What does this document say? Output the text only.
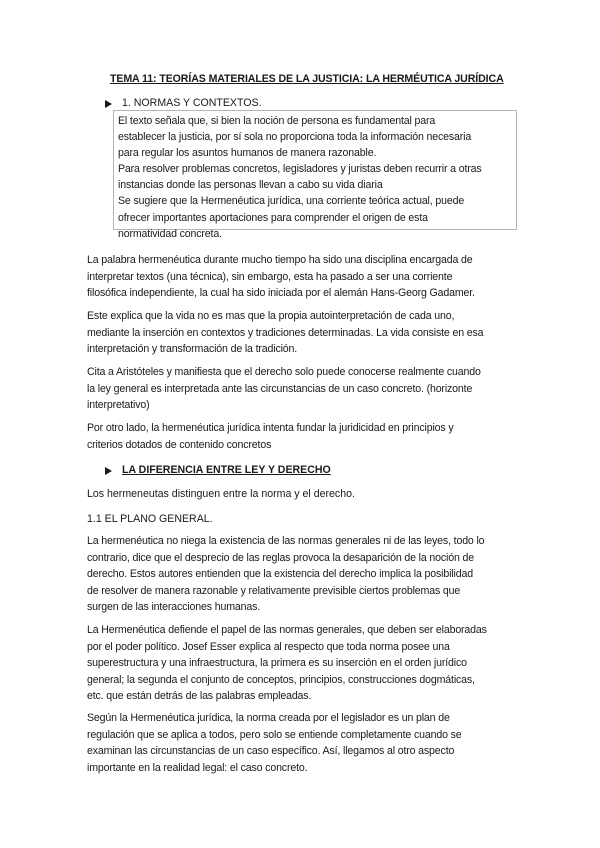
TEMA 11: TEORÍAS MATERIALES DE LA JUSTICIA: LA HERMÉUTICA JURÍDICA
1. NORMAS Y CONTEXTOS.

El texto señala que, si bien la noción de persona es fundamental para

establecer la justicia, por sí sola no proporciona toda la información necesaria

para regular los asuntos humanos de manera razonable.

Para resolver problemas concretos, legisladores y juristas deben recurrir a otras

instancias donde las personas llevan a cabo su vida diaria

Se sugiere que la Hermenéutica jurídica, una corriente teórica actual, puede

ofrecer importantes aportaciones para comprender el origen de esta

normatividad concreta.

La palabra hermenéutica durante mucho tiempo ha sido una disciplina encargada de
interpretar textos (una técnica), sin embargo, esta ha pasado a ser una corriente
filosófica independiente, la cual ha sido iniciada por el alemán Hans-Georg Gadamer.

Este explica que la vida no es mas que la propia autointerpretación de cada uno,
mediante la inserción en contextos y tradiciones determinadas. La vida consiste en esa
interpretación y transformación de la tradición.

Cita a Aristóteles y manifiesta que el derecho solo puede conocerse realmente cuando
la ley general es interpretada ante las circunstancias de un caso concreto. (horizonte
interpretativo)

Por otro lado, la hermenéutica jurídica intenta fundar la juridicidad en principios y
criterios dotados de contenido concretos

LA DIFERENCIA ENTRE LEY Y DERECHO

Los hermeneutas distinguen entre la norma y el derecho.

1.1 EL PLANO GENERAL.

La hermenéutica no niega la existencia de las normas generales ni de las leyes, todo lo
contrario, dice que el desprecio de las reglas provoca la desaparición de la noción de
derecho. Estos autores entienden que la existencia del derecho implica la posibilidad
de resolver de manera razonable y relativamente previsible ciertos problemas que
surgen de las interacciones humanas.

La Hermenéutica defiende el papel de las normas generales, que deben ser elaboradas
por el poder político. Josef Esser explica al respecto que toda norma posee una
superestructura y una infraestructura, la primera es su inserción en el orden jurídico
general; la segunda el conjunto de conceptos, principios, construcciones dogmáticas,
etc. que están detrás de las palabras empleadas.

Según la Hermenéutica jurídica, la norma creada por el legislador es un plan de
regulación que se aplica a todos, pero solo se entiende completamente cuando se
examinan las circunstancias de un caso específico. Así, llegamos al otro aspecto
importante en la realidad legal: el caso concreto.
